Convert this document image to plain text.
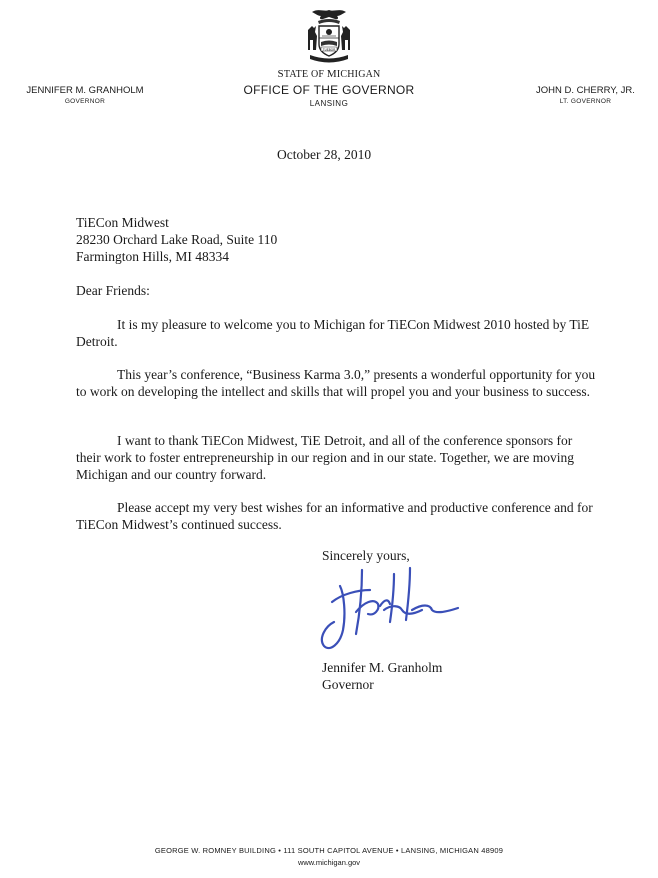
TUEBOR
STATE OF MICHIGAN
OFFICE OF THE GOVERNOR
LANSING
JENNIFER M. GRANHOLM
GOVERNOR
JOHN D. CHERRY, JR.
LT. GOVERNOR
October 28, 2010
TiECon Midwest
28230 Orchard Lake Road, Suite 110
Farmington Hills, MI 48334
Dear Friends:

It is my pleasure to welcome you to Michigan for TiECon Midwest 2010 hosted by TiE Detroit.

This year’s conference, “Business Karma 3.0,” presents a wonderful opportunity for you to work on developing the intellect and skills that will propel you and your business to success.

I want to thank TiECon Midwest, TiE Detroit, and all of the conference sponsors for their work to foster entrepreneurship in our region and in our state. Together, we are moving Michigan and our country forward.

Please accept my very best wishes for an informative and productive conference and for TiECon Midwest’s continued success.

Sincerely yours,
Jennifer M. Granholm
Governor
GEORGE W. ROMNEY BUILDING • 111 SOUTH CAPITOL AVENUE • LANSING, MICHIGAN 48909
www.michigan.gov
